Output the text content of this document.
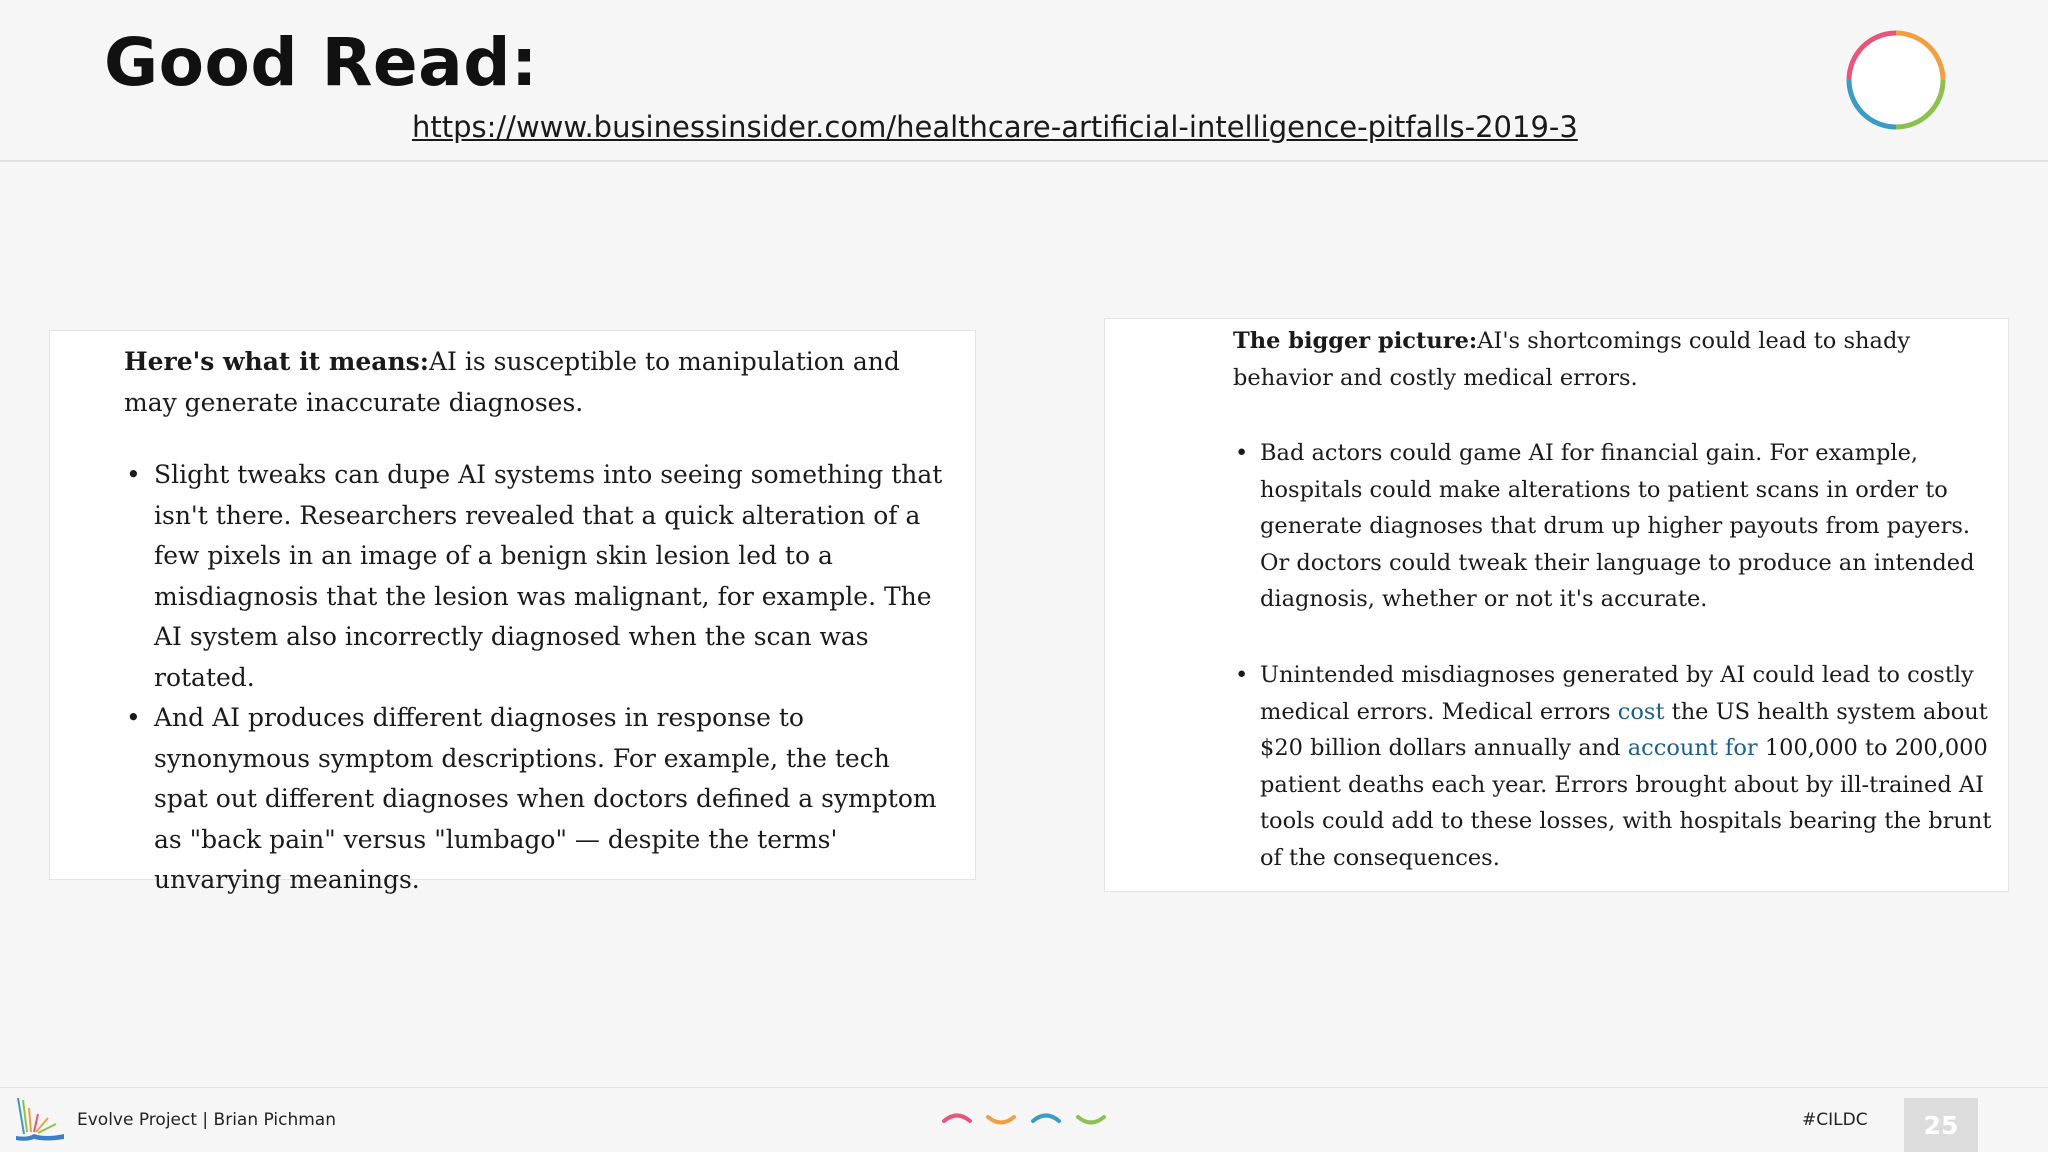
Good Read:
https://www.businessinsider.com/healthcare-artificial-intelligence-pitfalls-2019-3
Here's what it means:AI is susceptible to manipulation and may generate inaccurate diagnoses.
• Slight tweaks can dupe AI systems into seeing something that isn't there. Researchers revealed that a quick alteration of a few pixels in an image of a benign skin lesion led to a misdiagnosis that the lesion was malignant, for example. The AI system also incorrectly diagnosed when the scan was rotated.
• And AI produces different diagnoses in response to synonymous symptom descriptions. For example, the tech spat out different diagnoses when doctors defined a symptom as "back pain" versus "lumbago" — despite the terms' unvarying meanings.
The bigger picture:AI's shortcomings could lead to shady behavior and costly medical errors.
• Bad actors could game AI for financial gain. For example, hospitals could make alterations to patient scans in order to generate diagnoses that drum up higher payouts from payers. Or doctors could tweak their language to produce an intended diagnosis, whether or not it's accurate.
• Unintended misdiagnoses generated by AI could lead to costly medical errors. Medical errors cost the US health system about $20 billion dollars annually and account for 100,000 to 200,000 patient deaths each year. Errors brought about by ill-trained AI tools could add to these losses, with hospitals bearing the brunt of the consequences.
Evolve Project | Brian Pichman	#CILDC	25
